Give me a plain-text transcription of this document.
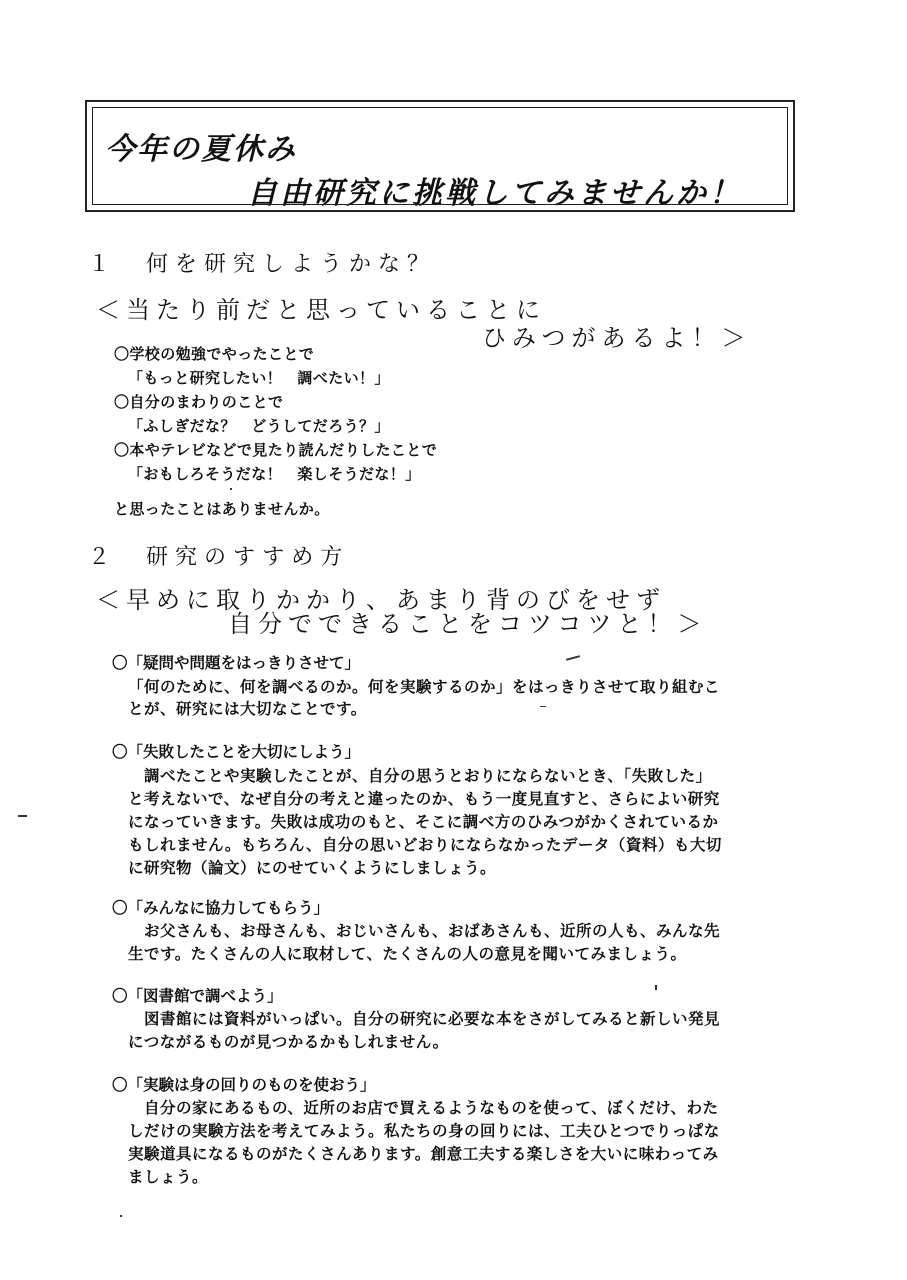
今年の夏休み
自由研究に挑戦してみませんか！
１　何を研究しようかな？
＜当たり前だと思っていることに
ひみつがあるよ！＞
〇学校の勉強でやったことで
「もっと研究したい！　調べたい！」
〇自分のまわりのことで
「ふしぎだな？　どうしてだろう？」
〇本やテレビなどで見たり読んだりしたことで
「おもしろそうだな！　楽しそうだな！」
と思ったことはありませんか。
２　研究のすすめ方
＜早めに取りかかり、あまり背のびをせず
自分でできることをコツコツと！＞
〇「疑問や問題をはっきりさせて」
「何のために、何を調べるのか。何を実験するのか」をはっきりさせて取り組むこ
とが、研究には大切なことです。
〇「失敗したことを大切にしよう」
　調べたことや実験したことが、自分の思うとおりにならないとき、「失敗した」
と考えないで、なぜ自分の考えと違ったのか、もう一度見直すと、さらによい研究
になっていきます。失敗は成功のもと、そこに調べ方のひみつがかくされているか
もしれません。もちろん、自分の思いどおりにならなかったデータ（資料）も大切
に研究物（論文）にのせていくようにしましょう。
〇「みんなに協力してもらう」
　お父さんも、お母さんも、おじいさんも、おばあさんも、近所の人も、みんな先
生です。たくさんの人に取材して、たくさんの人の意見を聞いてみましょう。
〇「図書館で調べよう」
　図書館には資料がいっぱい。自分の研究に必要な本をさがしてみると新しい発見
につながるものが見つかるかもしれません。
〇「実験は身の回りのものを使おう」
　自分の家にあるもの、近所のお店で買えるようなものを使って、ぼくだけ、わた
しだけの実験方法を考えてみよう。私たちの身の回りには、工夫ひとつでりっぱな
実験道具になるものがたくさんあります。創意工夫する楽しさを大いに味わってみ
ましょう。
